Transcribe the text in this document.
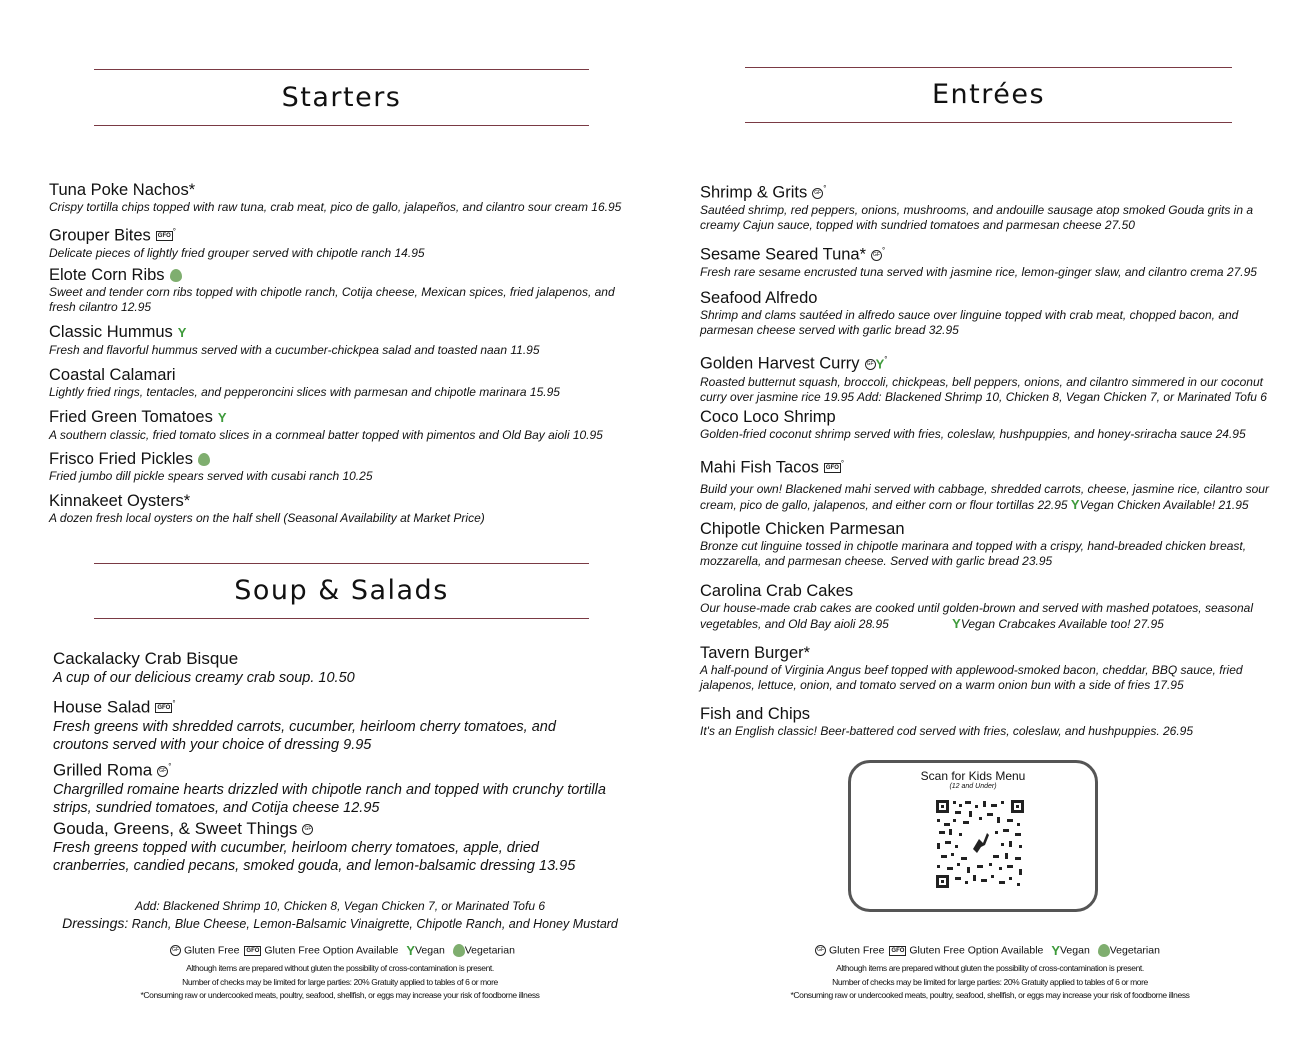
Starters
Tuna Poke Nachos*
Crispy tortilla chips topped with raw tuna, crab meat, pico de gallo, jalapeños, and cilantro sour cream 16.95
Grouper Bites GFO°
Delicate pieces of lightly fried grouper served with chipotle ranch 14.95
Elote Corn Ribs
Sweet and tender corn ribs topped with chipotle ranch, Cotija cheese, Mexican spices, fried jalapenos, and fresh cilantro 12.95
Classic Hummus Y
Fresh and flavorful hummus served with a cucumber-chickpea salad and toasted naan 11.95
Coastal Calamari
Lightly fried rings, tentacles, and pepperoncini slices with parmesan and chipotle marinara 15.95
Fried Green Tomatoes Y
A southern classic, fried tomato slices in a cornmeal batter topped with pimentos and Old Bay aioli 10.95
Frisco Fried Pickles
Fried jumbo dill pickle spears served with cusabi ranch 10.25
Kinnakeet Oysters*
A dozen fresh local oysters on the half shell (Seasonal Availability at Market Price)
Soup & Salads
Cackalacky Crab Bisque
A cup of our delicious creamy crab soup. 10.50
House Salad GFO°
Fresh greens with shredded carrots, cucumber, heirloom cherry tomatoes, and croutons served with your choice of dressing 9.95
Grilled Roma GF °
Chargrilled romaine hearts drizzled with chipotle ranch and topped with crunchy tortilla strips, sundried tomatoes, and Cotija cheese 12.95
Gouda, Greens, & Sweet Things GF
Fresh greens topped with cucumber, heirloom cherry tomatoes, apple, dried cranberries, candied pecans, smoked gouda, and lemon-balsamic dressing 13.95
Add: Blackened Shrimp 10, Chicken 8, Vegan Chicken 7, or Marinated Tofu 6
Dressings: Ranch, Blue Cheese, Lemon-Balsamic Vinaigrette, Chipotle Ranch, and Honey Mustard
GF Gluten Free GFO Gluten Free Option Available YVegan Vegetarian
Although items are prepared without gluten the possibility of cross-contamination is present.
Number of checks may be limited for large parties: 20% Gratuity applied to tables of 6 or more
*Consuming raw or undercooked meats, poultry, seafood, shellfish, or eggs may increase your risk of foodborne illness
Entrées
Shrimp & Grits GF °
Sautéed shrimp, red peppers, onions, mushrooms, and andouille sausage atop smoked Gouda grits in a creamy Cajun sauce, topped with sundried tomatoes and parmesan cheese 27.50
Sesame Seared Tuna* GF °
Fresh rare sesame encrusted tuna served with jasmine rice, lemon-ginger slaw, and cilantro crema 27.95
Seafood Alfredo
Shrimp and clams sautéed in alfredo sauce over linguine topped with crab meat, chopped bacon, and parmesan cheese served with garlic bread 32.95
Golden Harvest Curry GF Y°
Roasted butternut squash, broccoli, chickpeas, bell peppers, onions, and cilantro simmered in our coconut curry over jasmine rice 19.95 Add: Blackened Shrimp 10, Chicken 8, Vegan Chicken 7, or Marinated Tofu 6
Coco Loco Shrimp
Golden-fried coconut shrimp served with fries, coleslaw, hushpuppies, and honey-sriracha sauce 24.95
Mahi Fish Tacos GFO°
Build your own! Blackened mahi served with cabbage, shredded carrots, cheese, jasmine rice, cilantro sour cream, pico de gallo, jalapenos, and either corn or flour tortillas 22.95 YVegan Chicken Available! 21.95
Chipotle Chicken Parmesan
Bronze cut linguine tossed in chipotle marinara and topped with a crispy, hand-breaded chicken breast, mozzarella, and parmesan cheese. Served with garlic bread 23.95
Carolina Crab Cakes
Our house-made crab cakes are cooked until golden-brown and served with mashed potatoes, seasonal vegetables, and Old Bay aioli 28.95	YVegan Crabcakes Available too! 27.95
Tavern Burger*
A half-pound of Virginia Angus beef topped with applewood-smoked bacon, cheddar, BBQ sauce, fried jalapenos, lettuce, onion, and tomato served on a warm onion bun with a side of fries 17.95
Fish and Chips
It's an English classic! Beer-battered cod served with fries, coleslaw, and hushpuppies. 26.95
Scan for Kids Menu
(12 and Under)
GF Gluten Free GFO Gluten Free Option Available YVegan Vegetarian
Although items are prepared without gluten the possibility of cross-contamination is present.
Number of checks may be limited for large parties: 20% Gratuity applied to tables of 6 or more
*Consuming raw or undercooked meats, poultry, seafood, shellfish, or eggs may increase your risk of foodborne illness
